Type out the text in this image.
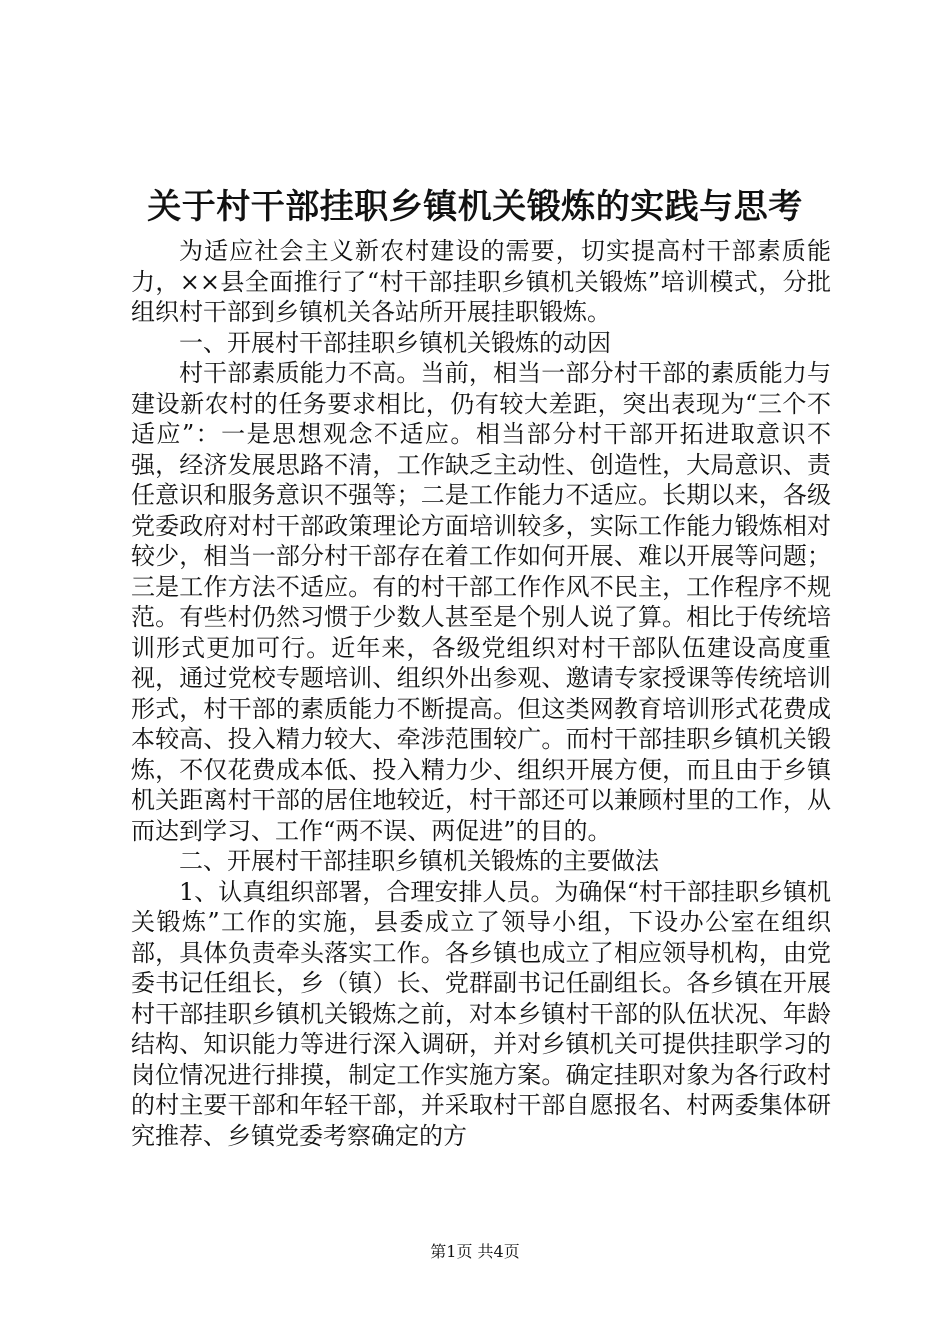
关于村干部挂职乡镇机关锻炼的实践与思考

为适应社会主义新农村建设的需要，切实提高村干部素质能力，××县全面推行了“村干部挂职乡镇机关锻炼”培训模式，分批组织村干部到乡镇机关各站所开展挂职锻炼。

一、开展村干部挂职乡镇机关锻炼的动因

村干部素质能力不高。当前，相当一部分村干部的素质能力与建设新农村的任务要求相比，仍有较大差距，突出表现为“三个不适应”：一是思想观念不适应。相当部分村干部开拓进取意识不强，经济发展思路不清，工作缺乏主动性、创造性，大局意识、责任意识和服务意识不强等；二是工作能力不适应。长期以来，各级党委政府对村干部政策理论方面培训较多，实际工作能力锻炼相对较少，相当一部分村干部存在着工作如何开展、难以开展等问题；三是工作方法不适应。有的村干部工作作风不民主，工作程序不规范。有些村仍然习惯于少数人甚至是个别人说了算。相比于传统培训形式更加可行。近年来，各级党组织对村干部队伍建设高度重视，通过党校专题培训、组织外出参观、邀请专家授课等传统培训形式，村干部的素质能力不断提高。但这类网教育培训形式花费成本较高、投入精力较大、牵涉范围较广。而村干部挂职乡镇机关锻炼，不仅花费成本低、投入精力少、组织开展方便，而且由于乡镇机关距离村干部的居住地较近，村干部还可以兼顾村里的工作，从而达到学习、工作“两不误、两促进”的目的。

二、开展村干部挂职乡镇机关锻炼的主要做法

1、认真组织部署，合理安排人员。为确保“村干部挂职乡镇机关锻炼”工作的实施，县委成立了领导小组，下设办公室在组织部，具体负责牵头落实工作。各乡镇也成立了相应领导机构，由党委书记任组长，乡（镇）长、党群副书记任副组长。各乡镇在开展村干部挂职乡镇机关锻炼之前，对本乡镇村干部的队伍状况、年龄结构、知识能力等进行深入调研，并对乡镇机关可提供挂职学习的岗位情况进行排摸，制定工作实施方案。确定挂职对象为各行政村的村主要干部和年轻干部，并采取村干部自愿报名、村两委集体研究推荐、乡镇党委考察确定的方

第1页 共4页
